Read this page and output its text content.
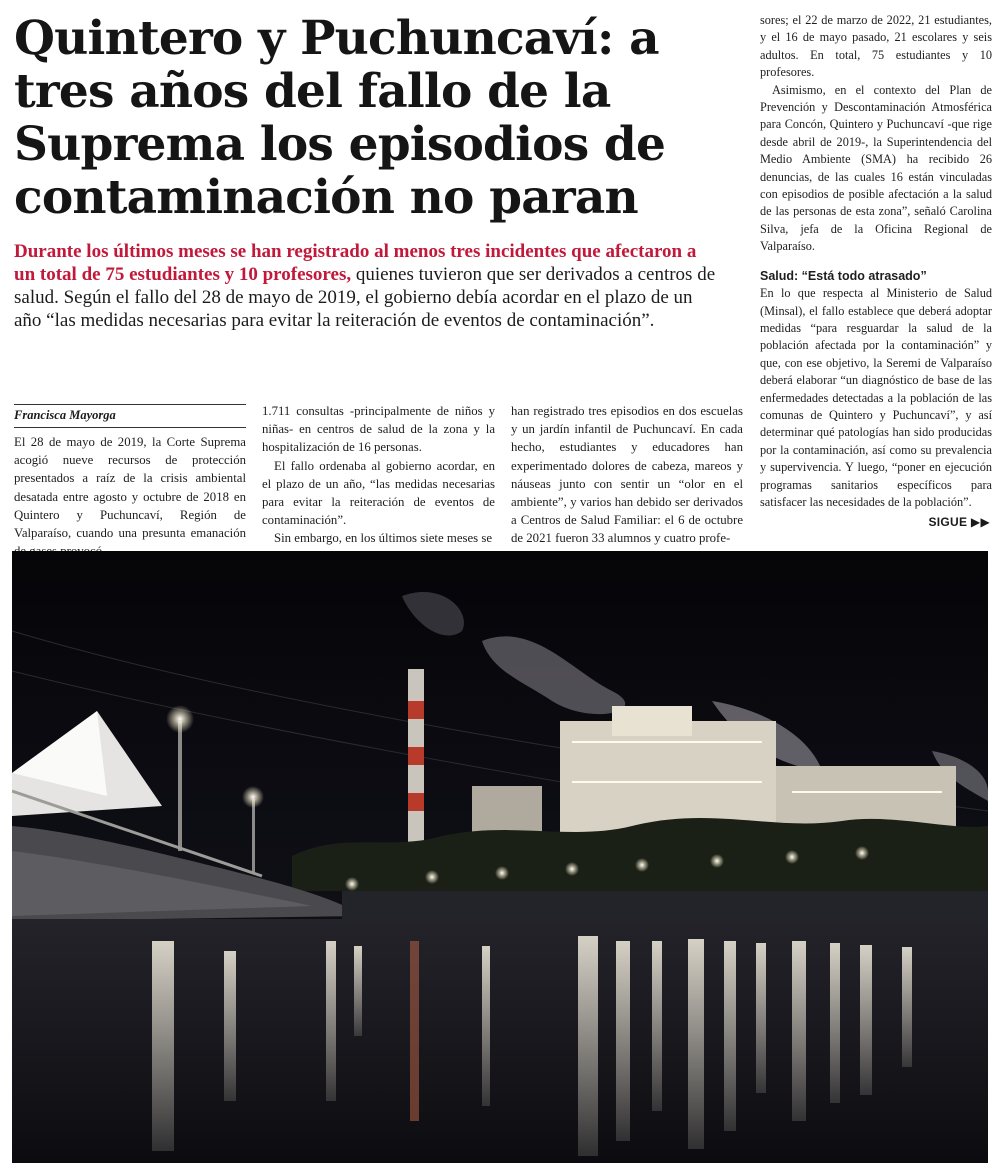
Quintero y Puchuncaví: a tres años del fallo de la Suprema los episodios de contaminación no paran

Durante los últimos meses se han registrado al menos tres incidentes que afectaron a un total de 75 estudiantes y 10 profesores, quienes tuvieron que ser derivados a centros de salud. Según el fallo del 28 de mayo de 2019, el gobierno debía acordar en el plazo de un año “las medidas necesarias para evitar la reiteración de eventos de contaminación”.

Francisca Mayorga

El 28 de mayo de 2019, la Corte Suprema acogió nueve recursos de protección presentados a raíz de la crisis ambiental desatada entre agosto y octubre de 2018 en Quintero y Puchuncaví, Región de Valparaíso, cuando una presunta emanación

1.711 consultas -principalmente de niños y niñas- en centros de salud de la zona y la hospitalización de 16 personas.

El fallo ordenaba al gobierno acordar, en el plazo de un año, “las medidas necesarias para evitar la reiteración de eventos de contaminación”.

Sin embargo, en los últimos siete meses se

han registrado tres episodios en dos escuelas y un jardín infantil de Puchuncaví. En cada hecho, estudiantes y educadores han experimentado dolores de cabeza, mareos y náuseas junto con sentir un “olor en el ambiente”, y varios han debido ser derivados a Centros de Salud Familiar: el 6 de octubre de 2021 fueron 33 alumnos y cuatro profe-

sores; el 22 de marzo de 2022, 21 estudiantes, y el 16 de mayo pasado, 21 escolares y seis adultos. En total, 75 estudiantes y 10 profesores.

Asimismo, en el contexto del Plan de Prevención y Descontaminación Atmosférica para Concón, Quintero y Puchuncaví -que rige desde abril de 2019-, la Superintendencia del Medio Ambiente (SMA) ha recibido 26 denuncias, de las cuales 16 están vinculadas con episodios de posible afectación a la salud de las personas de esta zona”, señaló Carolina Silva, jefa de la Oficina Regional de Valparaíso.

Salud: “Está todo atrasado”

En lo que respecta al Ministerio de Salud (Minsal), el fallo establece que deberá adoptar medidas “para resguardar la salud de la población afectada por la contaminación” y que, con ese objetivo, la Seremi de Valparaíso deberá elaborar “un diagnóstico de base de las enfermedades detectadas a la población de las comunas de Quintero y Puchuncaví”, y así determinar qué patologías han sido producidas por la contaminación, así como su prevalencia y supervivencia. Y luego, “poner en ejecución programas sanitarios específicos para satisfacer las necesidades de la población”.

SIGUE ▶▶
